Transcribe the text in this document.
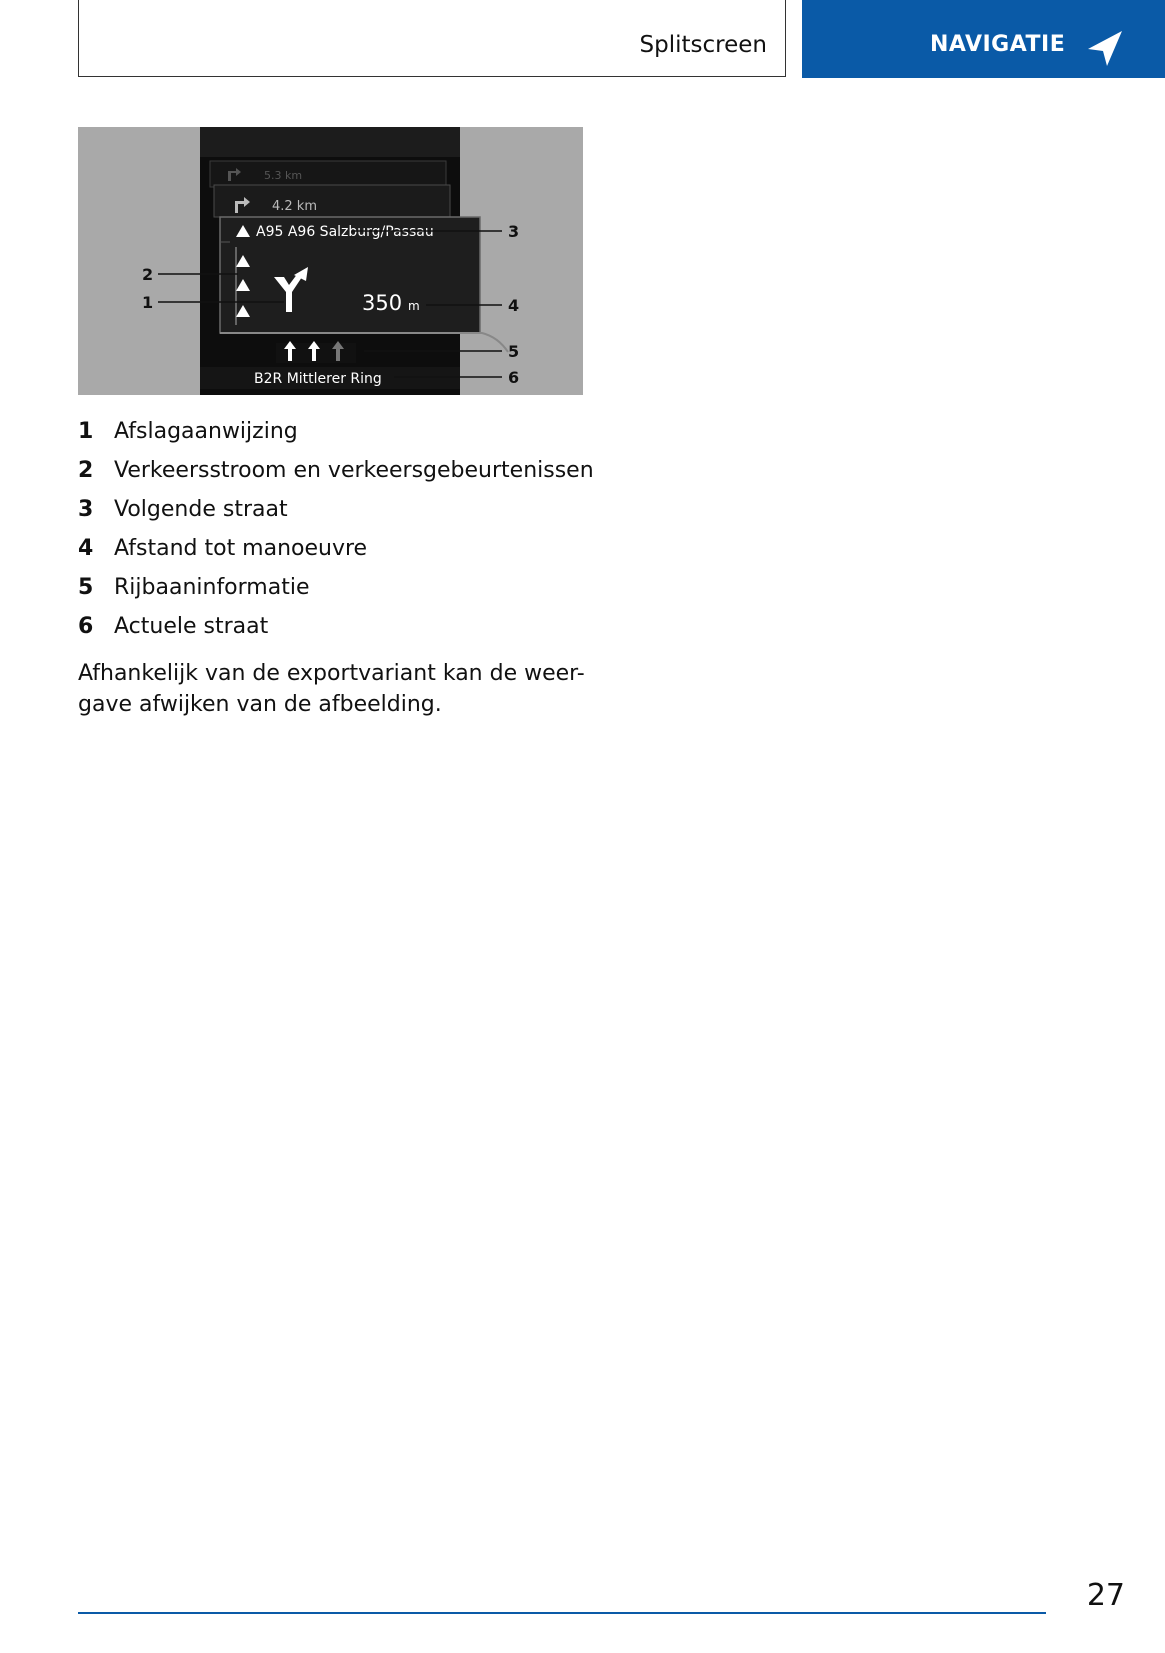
Splitscreen	NAVIGATIE
5.3 km
4.2 km
A95 A96 Salzburg/Passau
350 m
B2R Mittlerer Ring
2
1
3
4
5
6
1 Afslagaanwijzing
2 Verkeersstroom en verkeersgebeurtenissen
3 Volgende straat
4 Afstand tot manoeuvre
5 Rijbaaninformatie
6 Actuele straat
Afhankelijk van de exportvariant kan de weer-
gave afwijken van de afbeelding.
27
